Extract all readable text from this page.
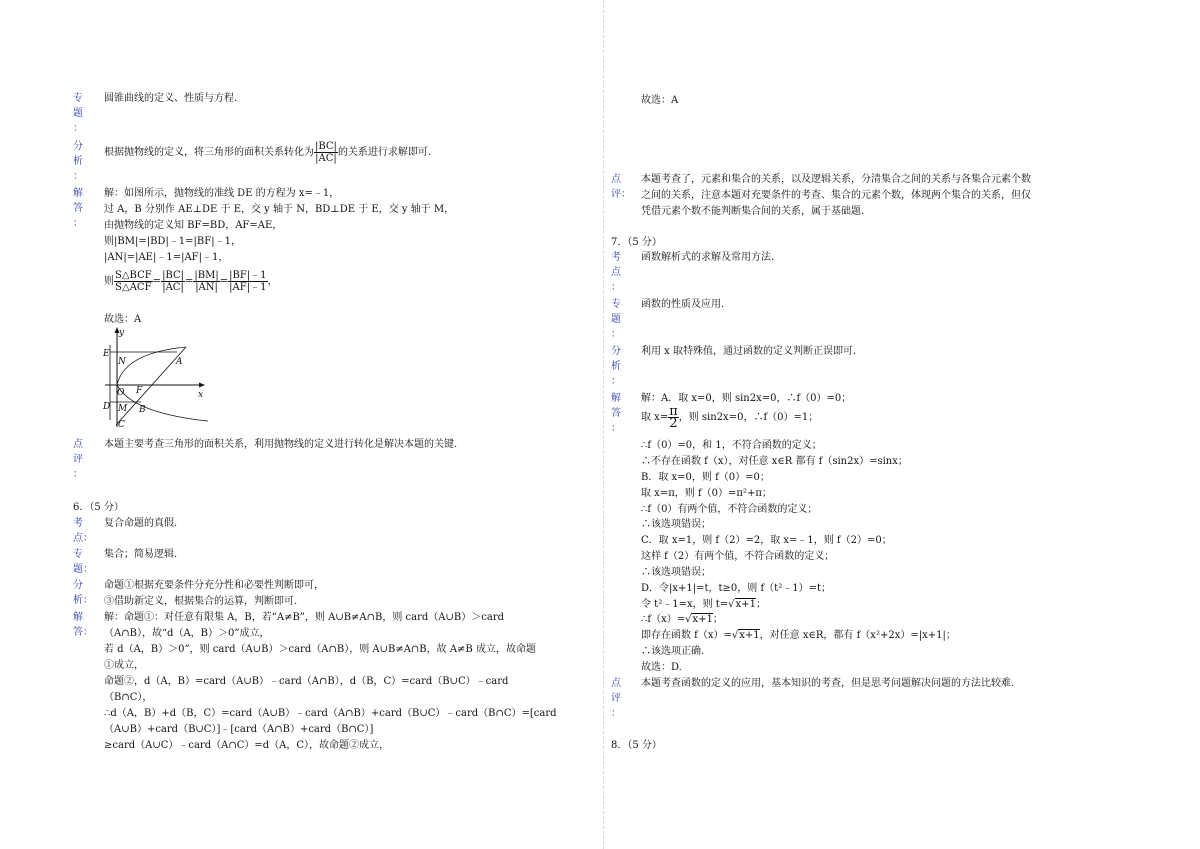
专
题
：
圆锥曲线的定义、性质与方程.
分
析
：
根据抛物线的定义，将三角形的面积关系转化为 $\frac{|BC|}{|AC|}$ 的关系进行求解即可.
解
答
：
解：如图所示，抛物线的准线 DE 的方程为 x=﹣1，
过 A，B 分别作 AE⊥DE 于 E，交 y 轴于 N，BD⊥DE 于 E，交 y 轴于 M，
由抛物线的定义知 BF=BD，AF=AE，
则|BM|=|BD|﹣1=|BF|﹣1，
|AN|=|AE|﹣1=|AF|﹣1，
则 $\frac{\text{S△BCF}}{\text{S△ACF}} = \frac{|BC|}{|AC|} = \frac{|BM|}{|AN|} = \frac{|BF|﹣1}{|AF|﹣1}$ ，
故选：A
y
x
E
N	A
O F
D M B
C
点
评
：
本题主要考查三角形的面积关系，利用抛物线的定义进行转化是解决本题的关键.
6．（5 分）
考
点：
复合命题的真假.
专
题：
集合；简易逻辑.
分
析：
命题①根据充要条件分充分性和必要性判断即可，
③借助新定义，根据集合的运算，判断即可.
解
答：
解：命题①：对任意有限集 A，B，若“A≠B”，则 A∪B≠A∩B，则 card（A∪B）＞card
（A∩B），故“d（A，B）＞0”成立，
若 d（A，B）＞0”，则 card（A∪B）＞card（A∩B），则 A∪B≠A∩B，故 A≠B 成立，故命题
①成立，
命题②，d（A，B）=card（A∪B）﹣card（A∩B），d（B，C）=card（B∪C）﹣card
（B∩C），
∴d（A，B）+d（B，C）=card（A∪B）﹣card（A∩B）+card（B∪C）﹣card（B∩C）=[card
（A∪B）+card（B∪C）]﹣[card（A∩B）+card（B∩C）]
≥card（A∪C）﹣card（A∩C）=d（A，C），故命题②成立，
故选：A
点
评：
本题考查了，元素和集合的关系，以及逻辑关系，分清集合之间的关系与各集合元素个数
之间的关系，注意本题对充要条件的考查、集合的元素个数，体现两个集合的关系，但仅
凭借元素个数不能判断集合间的关系，属于基础题.
7．（5 分）
考
点
：
函数解析式的求解及常用方法.
专
题
：
函数的性质及应用.
分
析
：
利用 x 取特殊值，通过函数的定义判断正误即可.
解
答
：
解：A．取 x=0，则 sin2x=0，∴f（0）=0；
取 $x= \frac{\pi}{2}$ ，则 sin2x=0，∴f（0）=1；
∴f（0）=0，和 1，不符合函数的定义；
∴不存在函数 f（x），对任意 x∈R 都有 f（sin2x）=sinx；
B．取 x=0，则 f（0）=0；
取 x=π，则 f（0）=π²+π；
∴f（0）有两个值，不符合函数的定义；
∴该选项错误；
C．取 x=1，则 f（2）=2，取 x=﹣1，则 f（2）=0；
这样 f（2）有两个值，不符合函数的定义；
∴该选项错误；
D．令|x+1|=t，t≥0，则 f（t²﹣1）=t；
令 t²﹣1=x，则 t=√x+1；
∴f（x）=√x+1；
即存在函数 f（x）=√x+1，对任意 x∈R，都有 f（x²+2x）=|x+1|；
∴该选项正确.
故选：D.
点
评
：
本题考查函数的定义的应用，基本知识的考查，但是思考问题解决问题的方法比较难.
8．（5 分）
